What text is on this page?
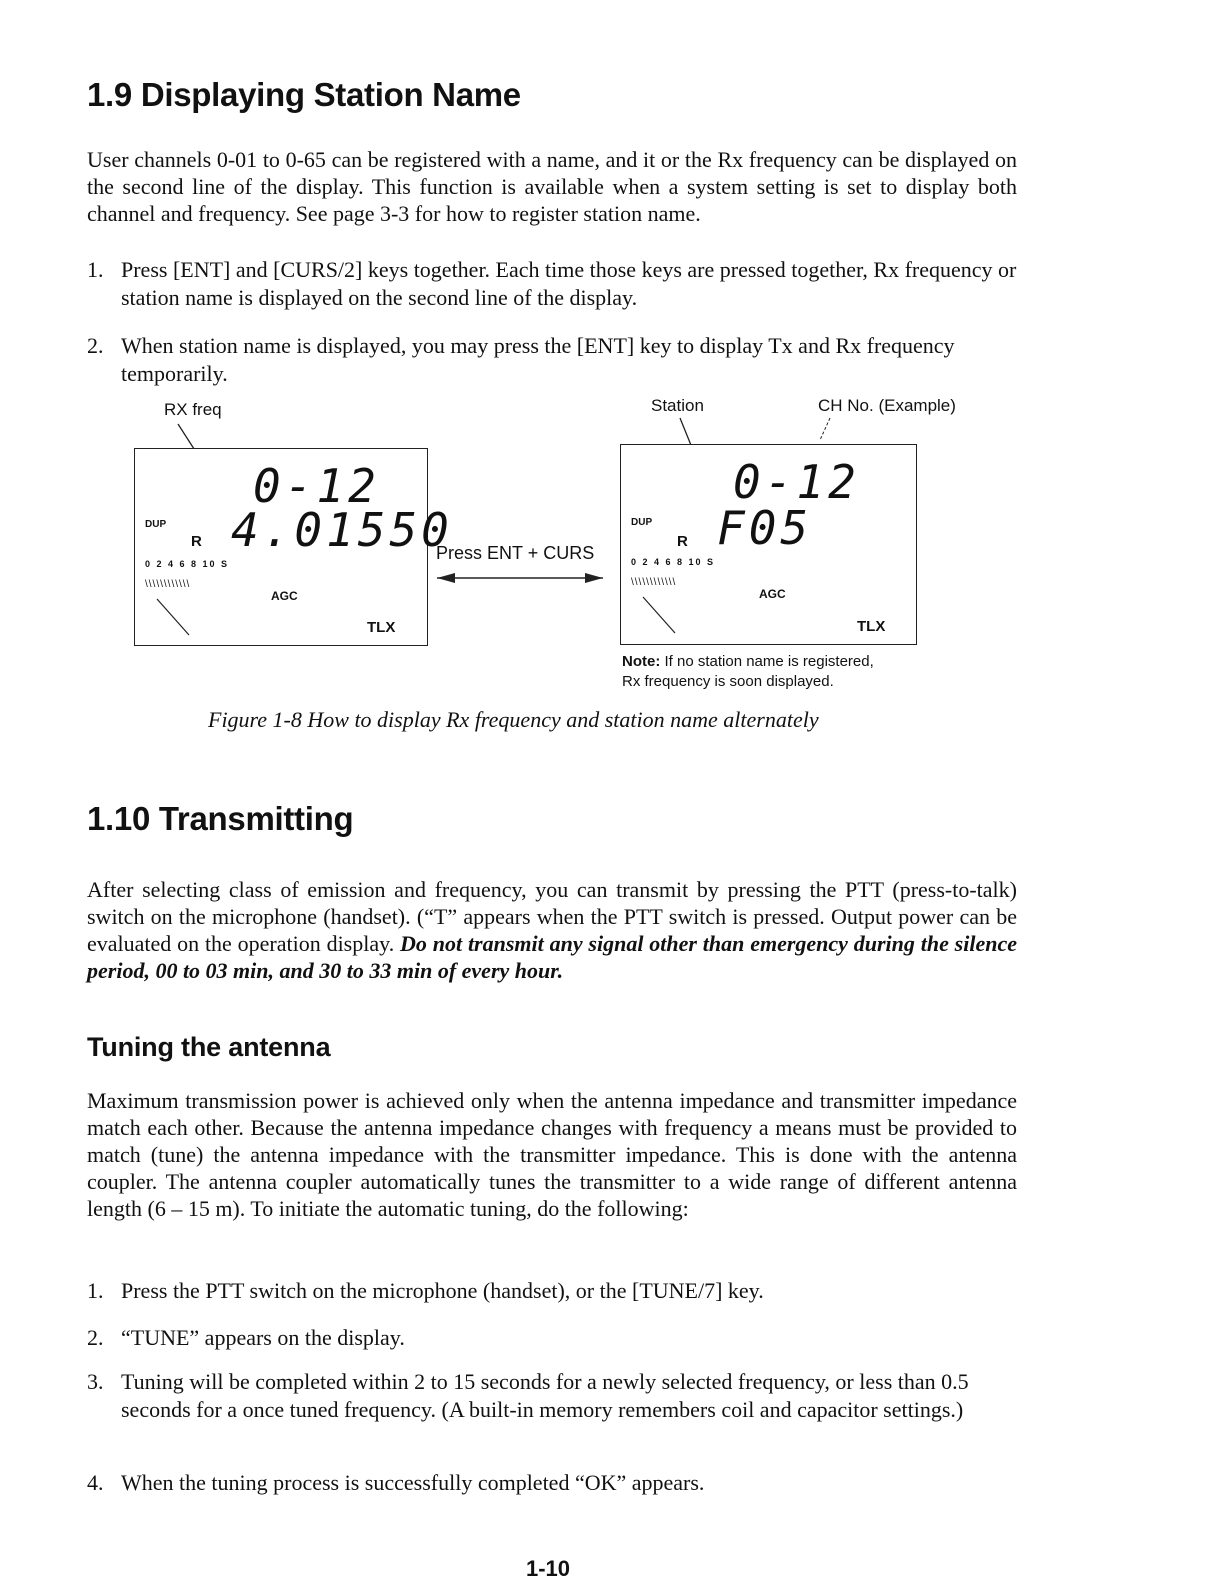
1.9 Displaying Station Name

User channels 0-01 to 0-65 can be registered with a name, and it or the Rx frequency can be displayed on the second line of the display. This function is available when a system setting is set to display both channel and frequency. See page 3-3 for how to register station name.

1. Press [ENT] and [CURS/2] keys together. Each time those keys are pressed together, Rx frequency or station name is displayed on the second line of the display.
2. When station name is displayed, you may press the [ENT] key to display Tx and Rx frequency temporarily.
RX freq	Station	CH No. (Example)
0-12
DUP
R 4.01550
0 2 4 6 8 10 S
\\\\\\\\\\\\
AGC
TLX
Press ENT + CURS
0-12
DUP
R F05
0 2 4 6 8 10 S
\\\\\\\\\\\\
AGC
TLX
Note: If no station name is registered,
Rx frequency is soon displayed.
Figure 1-8 How to display Rx frequency and station name alternately
1.10 Transmitting

After selecting class of emission and frequency, you can transmit by pressing the PTT (press-to-talk) switch on the microphone (handset). (“T” appears when the PTT switch is pressed. Output power can be evaluated on the operation display. Do not transmit any signal other than emergency during the silence period, 00 to 03 min, and 30 to 33 min of every hour.

Tuning the antenna

Maximum transmission power is achieved only when the antenna impedance and transmitter impedance match each other. Because the antenna impedance changes with frequency a means must be provided to match (tune) the antenna impedance with the transmitter impedance. This is done with the antenna coupler. The antenna coupler automatically tunes the transmitter to a wide range of different antenna length (6 – 15 m). To initiate the automatic tuning, do the following:

1. Press the PTT switch on the microphone (handset), or the [TUNE/7] key.
2. “TUNE” appears on the display.
3. Tuning will be completed within 2 to 15 seconds for a newly selected frequency, or less than 0.5 seconds for a once tuned frequency. (A built-in memory remembers coil and capacitor settings.)
4. When the tuning process is successfully completed “OK” appears.
1-10
